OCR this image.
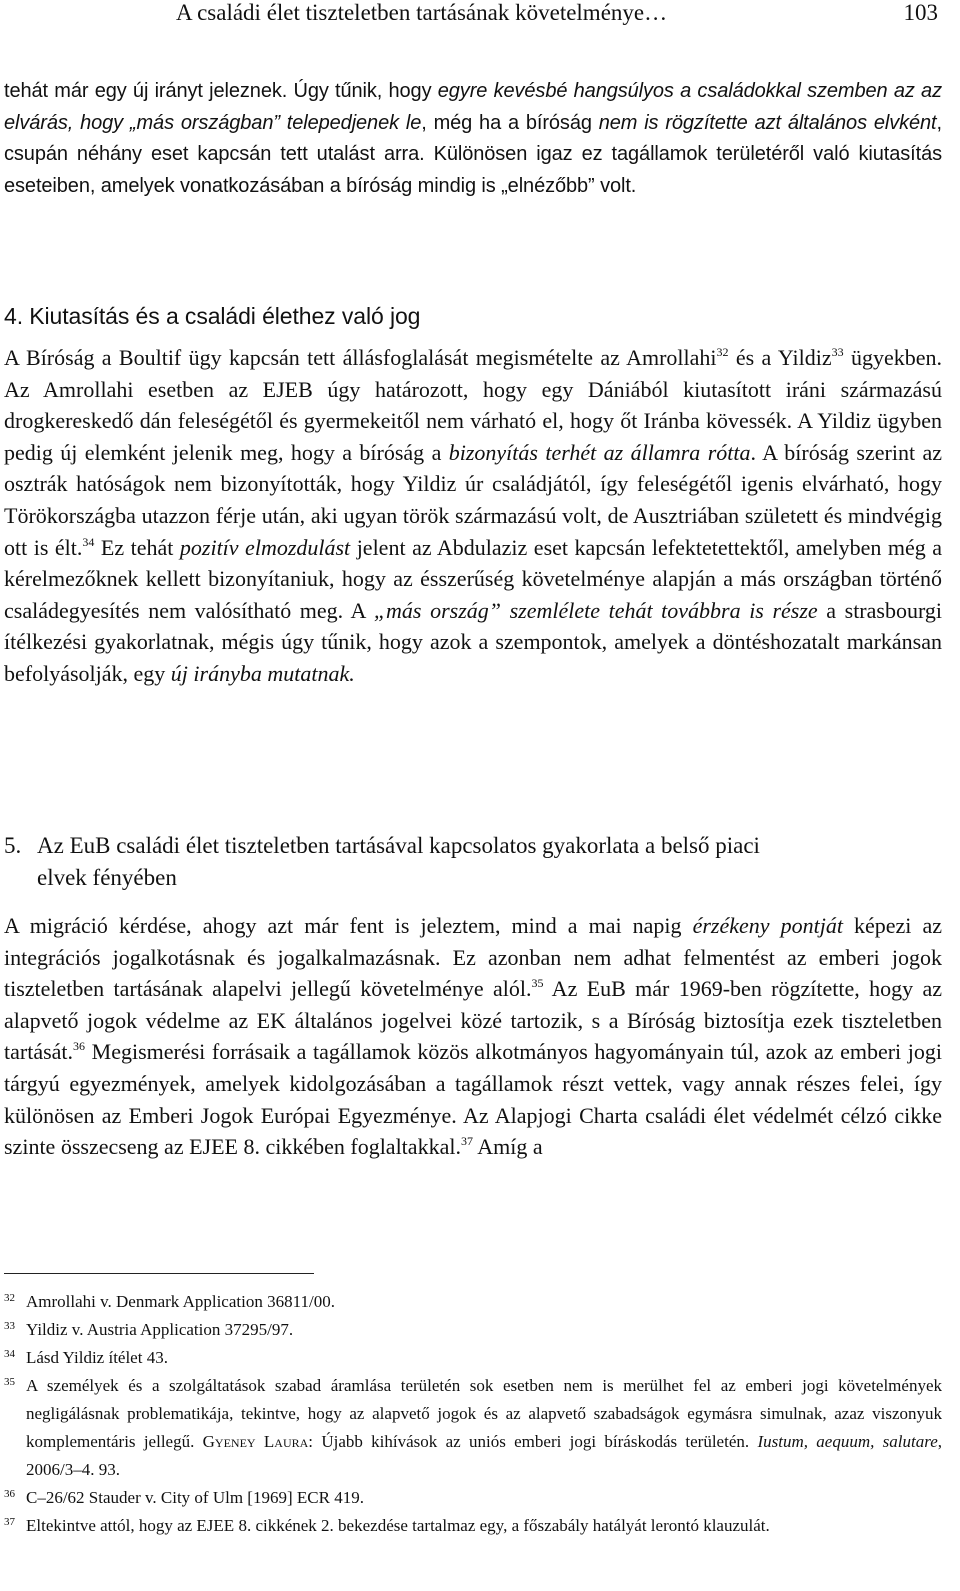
A családi élet tiszteletben tartásának követelménye…	103

tehát már egy új irányt jeleznek. Úgy tűnik, hogy egyre kevésbé hangsúlyos a családokkal szemben az az elvárás, hogy „más országban” telepedjenek le, még ha a bíróság nem is rögzítette azt általános elvként, csupán néhány eset kapcsán tett utalást arra. Különösen igaz ez tagállamok területéről való kiutasítás eseteiben, amelyek vonatkozásában a bíróság mindig is „elnézőbb” volt.

4. Kiutasítás és a családi élethez való jog

A Bíróság a Boultif ügy kapcsán tett állásfoglalását megismételte az Amrollahi$^{32}$ és a Yildiz$^{33}$ ügyekben. Az Amrollahi esetben az EJEB úgy határozott, hogy egy Dániából kiutasított iráni származású drogkereskedő dán feleségétől és gyermekeitől nem várható el, hogy őt Iránba kövessék. A Yildiz ügyben pedig új elemként jelenik meg, hogy a bíróság a bizonyítás terhét az államra rótta. A bíróság szerint az osztrák hatóságok nem bizonyították, hogy Yildiz úr családjától, így feleségétől igenis elvárható, hogy Törökországba utazzon férje után, aki ugyan török származású volt, de Ausztriában született és mindvégig ott is élt.$^{34}$ Ez tehát pozitív elmozdulást jelent az Abdulaziz eset kapcsán lefektetettektől, amelyben még a kérelmezőknek kellett bizonyítaniuk, hogy az ésszerűség követelménye alapján a más országban történő családegyesítés nem valósítható meg. A „más ország” szemlélete tehát továbbra is része a strasbourgi ítélkezési gyakorlatnak, mégis úgy tűnik, hogy azok a szempontok, amelyek a döntéshozatalt markánsan befolyásolják, egy új irányba mutatnak.

5. Az EuB családi élet tiszteletben tartásával kapcsolatos gyakorlata a belső piaci
elvek fényében

A migráció kérdése, ahogy azt már fent is jeleztem, mind a mai napig érzékeny pontját képezi az integrációs jogalkotásnak és jogalkalmazásnak. Ez azonban nem adhat felmentést az emberi jogok tiszteletben tartásának alapelvi jellegű követelménye alól.$^{35}$ Az EuB már 1969-ben rögzítette, hogy az alapvető jogok védelme az EK általános jogelvei közé tartozik, s a Bíróság biztosítja ezek tiszteletben tartását.$^{36}$ Megismerési forrásaik a tagállamok közös alkotmányos hagyományain túl, azok az emberi jogi tárgyú egyezmények, amelyek kidolgozásában a tagállamok részt vettek, vagy annak részes felei, így különösen az Emberi Jogok Európai Egyezménye. Az Alapjogi Charta családi élet védelmét célzó cikke szinte összecseng az EJEE 8. cikkében foglaltakkal.$^{37}$ Amíg a

32 Amrollahi v. Denmark Application 36811/00.
33 Yildiz v. Austria Application 37295/97.
34 Lásd Yildiz ítélet 43.
35 A személyek és a szolgáltatások szabad áramlása területén sok esetben nem is merülhet fel az emberi jogi követelmények negligálásnak problematikája, tekintve, hogy az alapvető jogok és az alapvető szabadságok egymásra simulnak, azaz viszonyuk komplementáris jellegű. Gyeney Laura: Újabb kihívások az uniós emberi jogi bíráskodás területén. Iustum, aequum, salutare, 2006/3–4. 93.
36 C–26/62 Stauder v. City of Ulm [1969] ECR 419.
37 Eltekintve attól, hogy az EJEE 8. cikkének 2. bekezdése tartalmaz egy, a főszabály hatályát lerontó klauzulát.
